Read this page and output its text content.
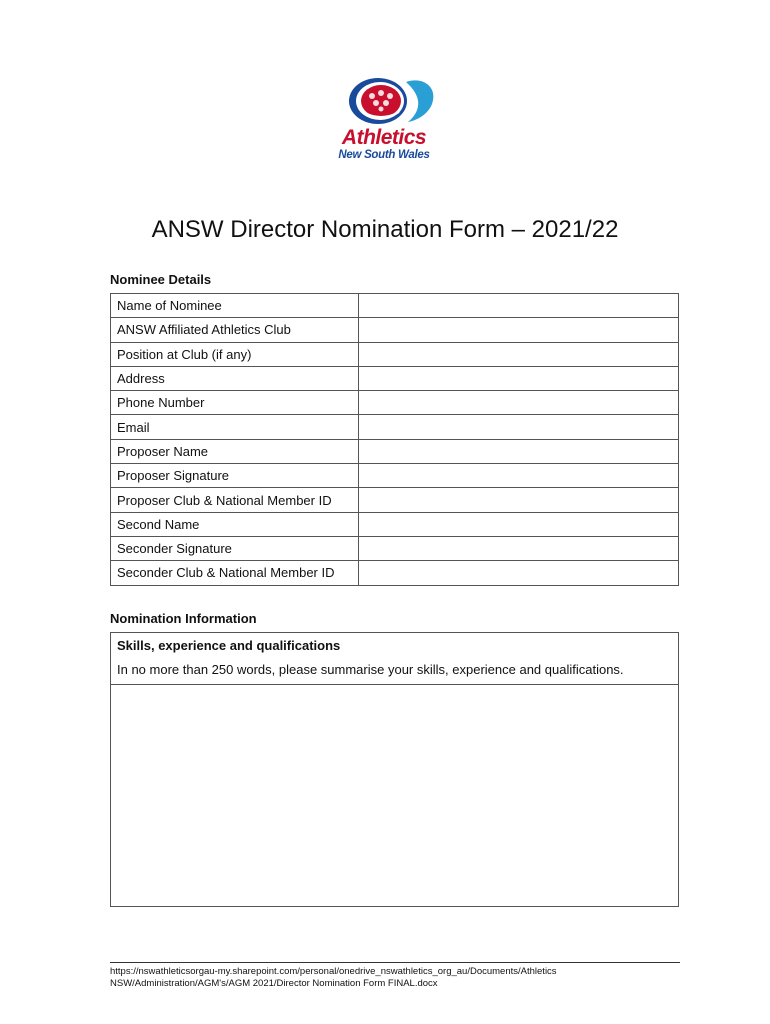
Athletics
New South Wales
ANSW Director Nomination Form – 2021/22
Nominee Details
Name of Nominee	
ANSW Affiliated Athletics Club	
Position at Club (if any)	
Address	
Phone Number	
Email	
Proposer Name	
Proposer Signature	
Proposer Club & National Member ID	
Second Name	
Seconder Signature	
Seconder Club & National Member ID	
Nomination Information
Skills, experience and qualifications
In no more than 250 words, please summarise your skills, experience and qualifications.
https://nswathleticsorgau-my.sharepoint.com/personal/onedrive_nswathletics_org_au/Documents/Athletics
NSW/Administration/AGM's/AGM 2021/Director Nomination Form FINAL.docx
